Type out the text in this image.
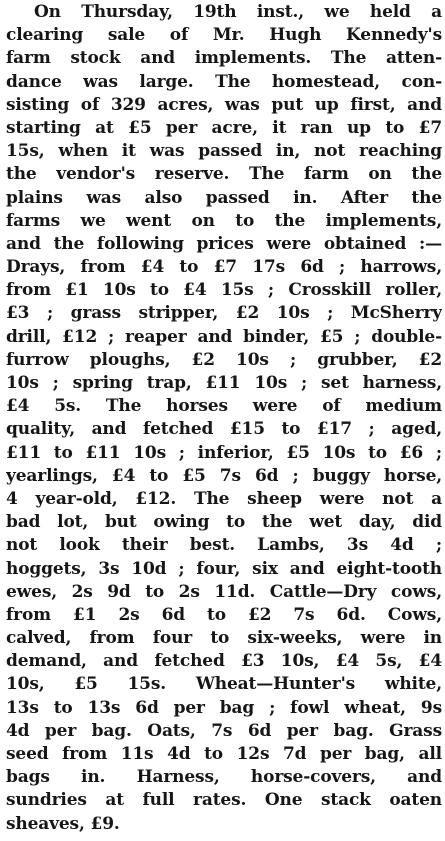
On Thursday, 19th inst., we held a
clearing sale of Mr. Hugh Kennedy's
farm stock and implements. The atten-
dance was large. The homestead, con-
sisting of 329 acres, was put up first, and
starting at £5 per acre, it ran up to £7
15s, when it was passed in, not reaching
the vendor's reserve. The farm on the
plains was also passed in. After the
farms we went on to the implements,
and the following prices were obtained :—
Drays, from £4 to £7 17s 6d ; harrows,
from £1 10s to £4 15s ; Crosskill roller,
£3 ; grass stripper, £2 10s ; McSherry
drill, £12 ; reaper and binder, £5 ; double-
furrow ploughs, £2 10s ; grubber, £2
10s ; spring trap, £11 10s ; set harness,
£4 5s. The horses were of medium
quality, and fetched £15 to £17 ; aged,
£11 to £11 10s ; inferior, £5 10s to £6 ;
yearlings, £4 to £5 7s 6d ; buggy horse,
4 year-old, £12. The sheep were not a
bad lot, but owing to the wet day, did
not look their best. Lambs, 3s 4d ;
hoggets, 3s 10d ; four, six and eight-tooth
ewes, 2s 9d to 2s 11d. Cattle—Dry cows,
from £1 2s 6d to £2 7s 6d. Cows,
calved, from four to six-weeks, were in
demand, and fetched £3 10s, £4 5s, £4
10s, £5 15s. Wheat—Hunter's white,
13s to 13s 6d per bag ; fowl wheat, 9s
4d per bag. Oats, 7s 6d per bag. Grass
seed from 11s 4d to 12s 7d per bag, all
bags in. Harness, horse-covers, and
sundries at full rates. One stack oaten
sheaves, £9.
